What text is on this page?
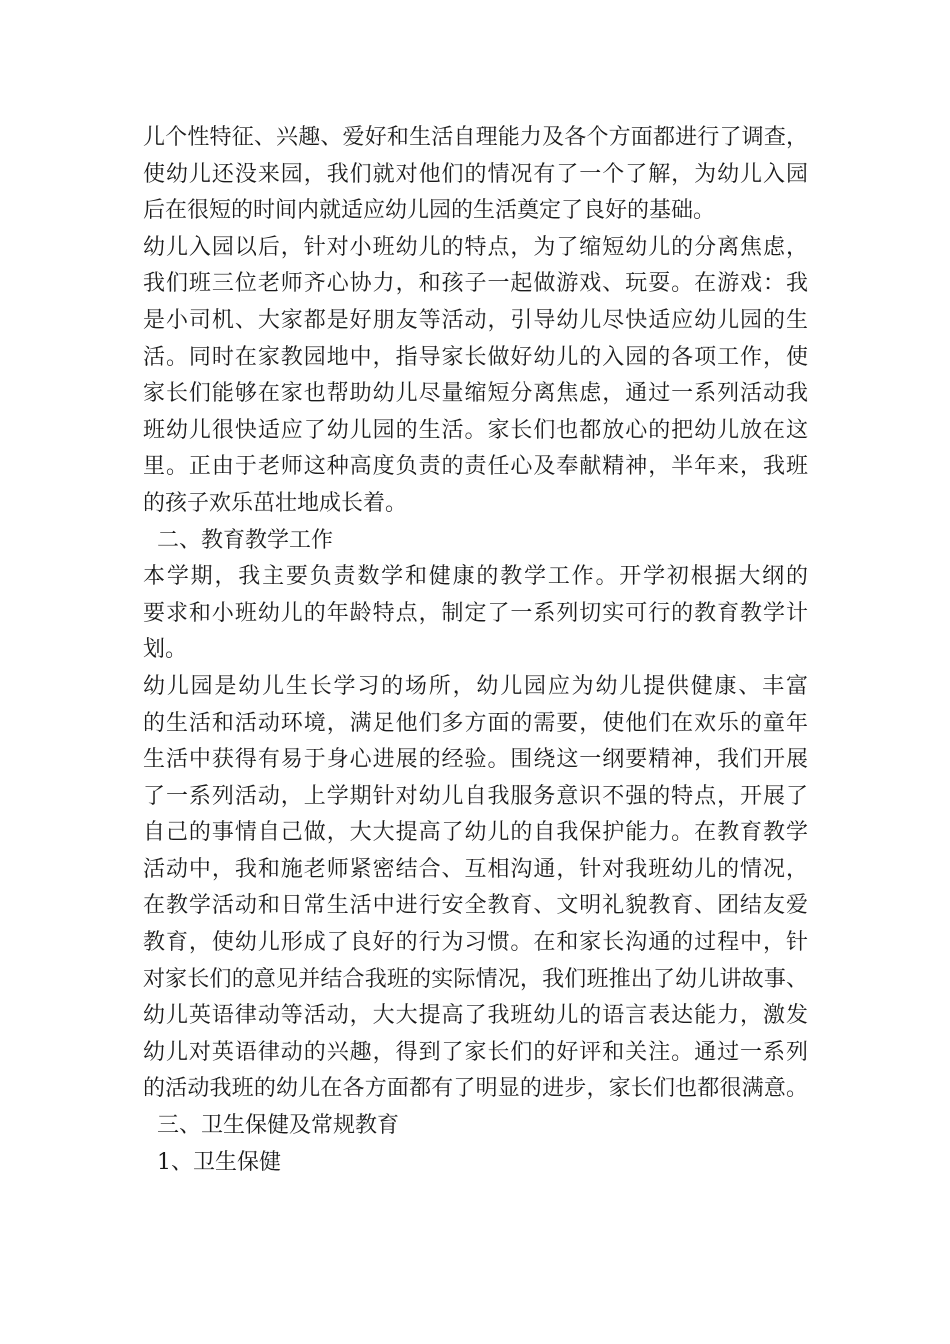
儿个性特征、兴趣、爱好和生活自理能力及各个方面都进行了调查，
使幼儿还没来园，我们就对他们的情况有了一个了解，为幼儿入园
后在很短的时间内就适应幼儿园的生活奠定了良好的基础。
幼儿入园以后，针对小班幼儿的特点，为了缩短幼儿的分离焦虑，
我们班三位老师齐心协力，和孩子一起做游戏、玩耍。在游戏：我
是小司机、大家都是好朋友等活动，引导幼儿尽快适应幼儿园的生
活。同时在家教园地中，指导家长做好幼儿的入园的各项工作，使
家长们能够在家也帮助幼儿尽量缩短分离焦虑，通过一系列活动我
班幼儿很快适应了幼儿园的生活。家长们也都放心的把幼儿放在这
里。正由于老师这种高度负责的责任心及奉献精神，半年来，我班
的孩子欢乐茁壮地成长着。
二、教育教学工作
本学期，我主要负责数学和健康的教学工作。开学初根据大纲的
要求和小班幼儿的年龄特点，制定了一系列切实可行的教育教学计
划。
幼儿园是幼儿生长学习的场所，幼儿园应为幼儿提供健康、丰富
的生活和活动环境，满足他们多方面的需要，使他们在欢乐的童年
生活中获得有易于身心进展的经验。围绕这一纲要精神，我们开展
了一系列活动，上学期针对幼儿自我服务意识不强的特点，开展了
自己的事情自己做，大大提高了幼儿的自我保护能力。在教育教学
活动中，我和施老师紧密结合、互相沟通，针对我班幼儿的情况，
在教学活动和日常生活中进行安全教育、文明礼貌教育、团结友爱
教育，使幼儿形成了良好的行为习惯。在和家长沟通的过程中，针
对家长们的意见并结合我班的实际情况，我们班推出了幼儿讲故事、
幼儿英语律动等活动，大大提高了我班幼儿的语言表达能力，激发
幼儿对英语律动的兴趣，得到了家长们的好评和关注。通过一系列
的活动我班的幼儿在各方面都有了明显的进步，家长们也都很满意。
三、卫生保健及常规教育
1、卫生保健
